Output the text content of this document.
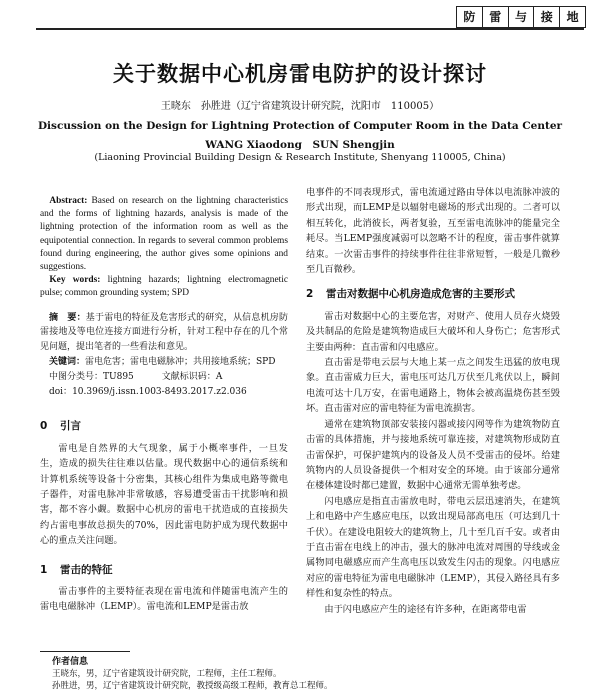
防	雷	与	接	地
关于数据中心机房雷电防护的设计探讨
王晓东　孙胜进（辽宁省建筑设计研究院，沈阳市　110005）
Discussion on the Design for Lightning Protection of Computer Room in the Data Center
WANG Xiaodong　SUN Shengjin
(Liaoning Provincial Building Design & Research Institute, Shenyang 110005, China)

Abstract: Based on research on the lightning characteristics and the forms of lightning hazards, analysis is made of the lightning protection of the information room as well as the equipotential connection. In regards to several common problems found during engineering, the author gives some opinions and suggestions.

Key words: lightning hazards; lightning electromagnetic pulse; common grounding system; SPD

摘　要：基于雷电的特征及危害形式的研究，从信息机房防雷接地及等电位连接方面进行分析，针对工程中存在的几个常见问题，提出笔者的一些看法和意见。

关键词：雷电危害；雷电电磁脉冲；共用接地系统；SPD

中图分类号：TU895	文献标识码：A

doi：10.3969/j.issn.1003-8493.2017.z2.036

0 引言

雷电是自然界的大气现象，属于小概率事件，一旦发生，造成的损失往往难以估量。现代数据中心的通信系统和计算机系统等设备十分密集，其核心组件为集成电路等微电子器件，对雷电脉冲非常敏感，容易遭受雷击干扰影响和损害，都不容小觑。数据中心机房的雷电干扰造成的直接损失约占雷电事故总损失的70%，因此雷电防护成为现代数据中心的重点关注问题。

1 雷击的特征

雷击事件的主要特征表现在雷电流和伴随雷电流产生的雷电电磁脉冲（LEMP）。雷电流和LEMP是雷击放

电事件的不同表现形式，雷电流通过路由导体以电流脉冲波的形式出现，而LEMP是以辐射电磁场的形式出现的。二者可以相互转化，此消彼长，两者复验，互至雷电流脉冲的能量完全耗尽。当LEMP强度减弱可以忽略不计的程度，雷击事件就算结束。一次雷击事件的持续事件往往非常短暂，一般是几微秒至几百微秒。

2 雷击对数据中心机房造成危害的主要形式

雷击对数据中心的主要危害，对财产、使用人员存火烧毁及共制品的危险是建筑物造成巨大破坏和人身伤亡；危害形式主要由两种：直击雷和闪电感应。

直击雷是带电云层与大地上某一点之间发生迅猛的放电现象。直击雷威力巨大，雷电压可达几万伏至几兆伏以上，瞬间电流可达十几万安，在雷电通路上，物体会被高温烧伤甚至毁坏。直击雷对应的雷电特征为雷电流损害。

通常在建筑物顶部安装接闪器或接闪网等作为建筑物防直击雷的具体措施，并与接地系统可靠连接，对建筑物形成防直击雷保护，可保护建筑内的设备及人员不受雷击的侵坏。给建筑物内的人员设备提供一个相对安全的环境。由于该部分通常在楼体建设时都已建置，数据中心通常无需单独考虑。

闪电感应是指直击雷放电时，带电云层迅速消失，在建筑上和电路中产生感应电压，以致出现局部高电压（可达到几十千伏）。在建设电阻较大的建筑物上，几十至几百千安。或者由于直击雷在电线上的冲击，强大的脉冲电流对周围的导线或金属物同电磁感应而产生高电压以致发生闪击的现象。闪电感应对应的雷电特征为雷电电磁脉冲（LEMP），其侵入路径具有多样性和复杂性的特点。

由于闪电感应产生的途径有许多种，在距离带电雷

作者信息
王晓东，男，辽宁省建筑设计研究院，工程师，主任工程师。
孙胜进，男，辽宁省建筑设计研究院，教授级高级工程师，教育总工程师。
